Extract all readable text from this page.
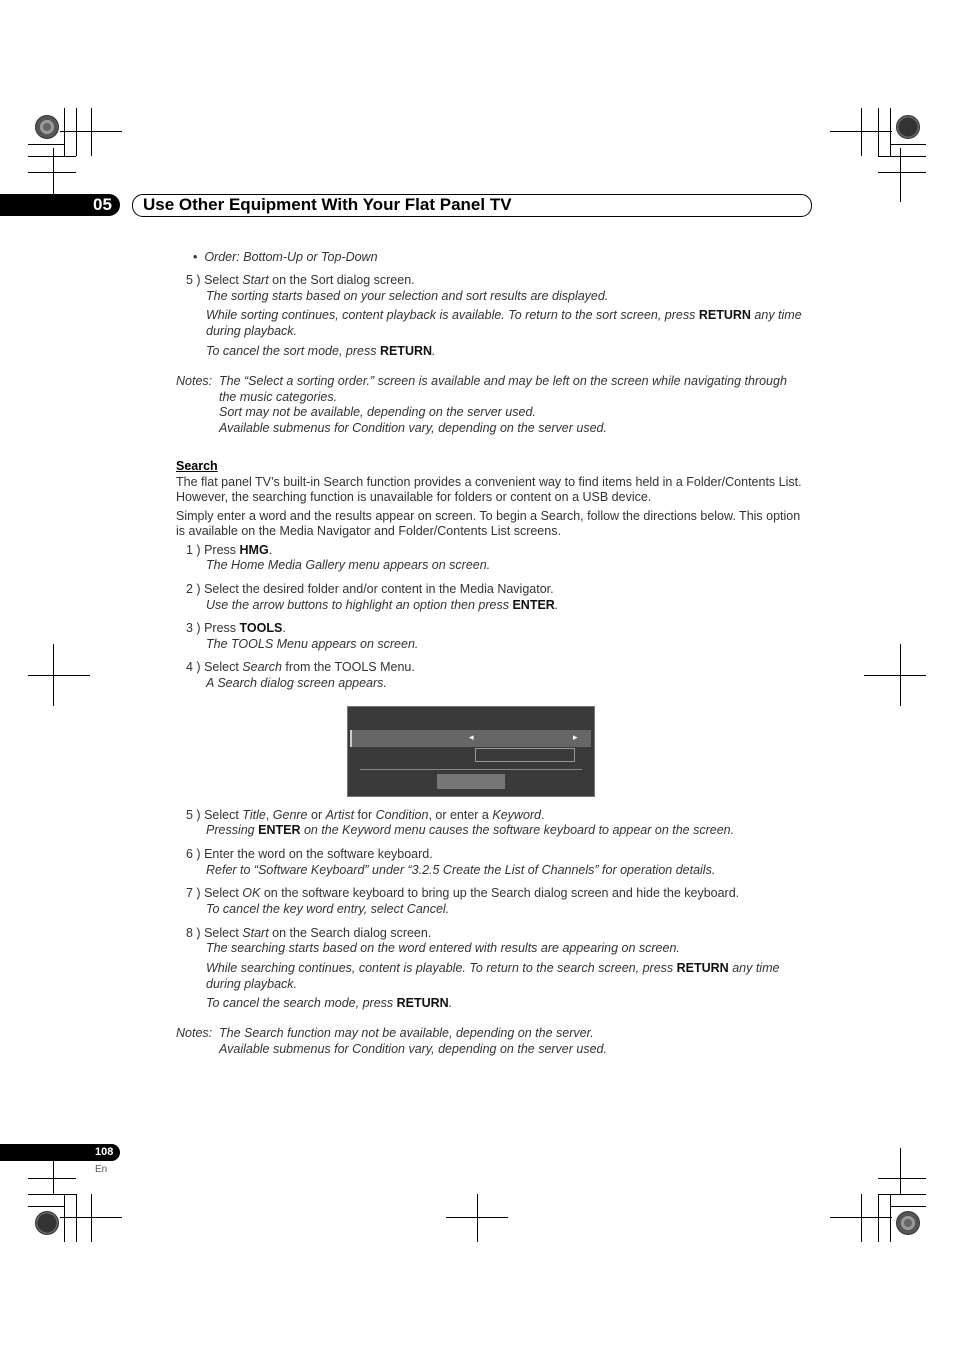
05 Use Other Equipment With Your Flat Panel TV
•  Order: Bottom-Up or Top-Down
5 ) Select Start on the Sort dialog screen.
The sorting starts based on your selection and sort results are displayed.
While sorting continues, content playback is available. To return to the sort screen, press RETURN any time
during playback.
To cancel the sort mode, press RETURN.
Notes: The “Select a sorting order.” screen is available and may be left on the screen while navigating through
the music categories.
Sort may not be available, depending on the server used.
Available submenus for Condition vary, depending on the server used.
Search
The flat panel TV’s built-in Search function provides a convenient way to find items held in a Folder/Contents List.
However, the searching function is unavailable for folders or content on a USB device.
Simply enter a word and the results appear on screen. To begin a Search, follow the directions below. This option
is available on the Media Navigator and Folder/Contents List screens.
1 ) Press HMG.
The Home Media Gallery menu appears on screen.
2 ) Select the desired folder and/or content in the Media Navigator.
Use the arrow buttons to highlight an option then press ENTER.
3 ) Press TOOLS.
The TOOLS Menu appears on screen.
4 ) Select Search from the TOOLS Menu.
A Search dialog screen appears.
◂	▸
5 ) Select Title, Genre or Artist for Condition, or enter a Keyword.
Pressing ENTER on the Keyword menu causes the software keyboard to appear on the screen.
6 ) Enter the word on the software keyboard.
Refer to “Software Keyboard” under “3.2.5 Create the List of Channels” for operation details.
7 ) Select OK on the software keyboard to bring up the Search dialog screen and hide the keyboard.
To cancel the key word entry, select Cancel.
8 ) Select Start on the Search dialog screen.
The searching starts based on the word entered with results are appearing on screen.
While searching continues, content is playable. To return to the search screen, press RETURN any time
during playback.
To cancel the search mode, press RETURN.
Notes: The Search function may not be available, depending on the server.
Available submenus for Condition vary, depending on the server used.
108
En
